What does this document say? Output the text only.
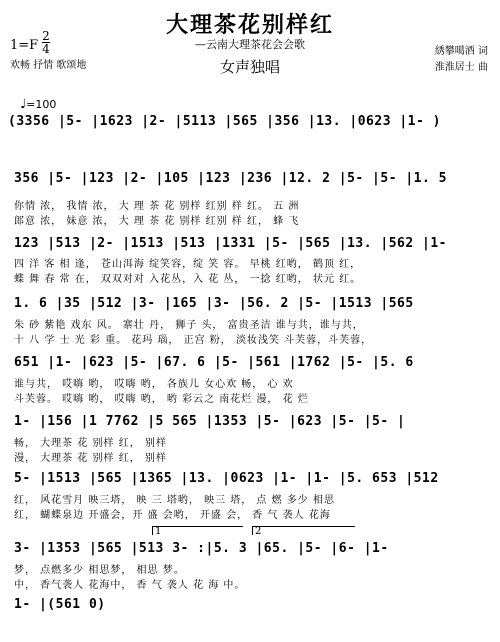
大理茶花别样红
—云南大理茶花会会歌
1=F
2
4
欢畅 抒情 歌颂地	女声独唱
綉攀噶酒 词
淮淮居士 曲
♩=100
(3356 |5- |1623 |2- |5113 |565 |356 |13. |0623 |1- )
356 |5- |123 |2- |105 |123 |236 |12. 2 |5- |5- |1. 5
你情 浓， 我情 浓， 大 理 茶 花 别样 红别 样 红。 五 洲
郎意 浓， 妹意 浓， 大 理 茶 花 别样 红别 样 红， 蜂 飞
123 |513 |2- |1513 |513 |1331 |5- |565 |13. |562 |1-
四 洋 客 相 逢， 苍山洱海 绽笑容，绽 笑 容。 早桃 红哟， 鹤顶 红，
蝶 舞 春 常 在， 双双对对 入花丛，入 花 丛， 一捻 红哟， 状元 红。
1. 6 |35 |512 |3- |165 |3- |56. 2 |5- |1513 |565
朱 砂 紫艳 戏东 风。 寨壮 丹， 狮子 头， 富贵圣洁 谁与共，谁与共，
十 八 学 士 光 彩 重。 花玛 瑙， 正宫 粉， 淡妆浅笑 斗芙蓉，斗芙蓉，
651 |1- |623 |5- |67. 6 |5- |561 |1762 |5- |5. 6
谁与共， 哎嗨 哟， 哎嗨 哟， 各族儿 女心欢 畅， 心 欢
斗芙蓉。 哎嗨 哟， 哎嗨 哟， 哟 彩云之 南花烂 漫， 花 烂
1- |156 |1 7762 |5 565 |1353 |5- |623 |5- |5- |
畅， 大理茶 花 别样 红， 别样
漫， 大理茶 花 别样 红， 别样
5- |1513 |565 |1365 |13. |0623 |1- |1- |5. 653 |512
红， 风花雪月 映三塔， 映 三 塔哟， 映三 塔， 点 燃 多少 相思
红， 蝴蝶泉边 开盛会，开 盛 会哟， 开盛 会， 香 气 袭人 花海
1	2
3- |1353 |565 |513 3- :|5. 3 |65. |5- |6- |1-
梦， 点燃多少 相思梦， 相思 梦。
中， 香气袭人 花海中， 香 气 袭人 花 海 中。
1- |(561 0)
